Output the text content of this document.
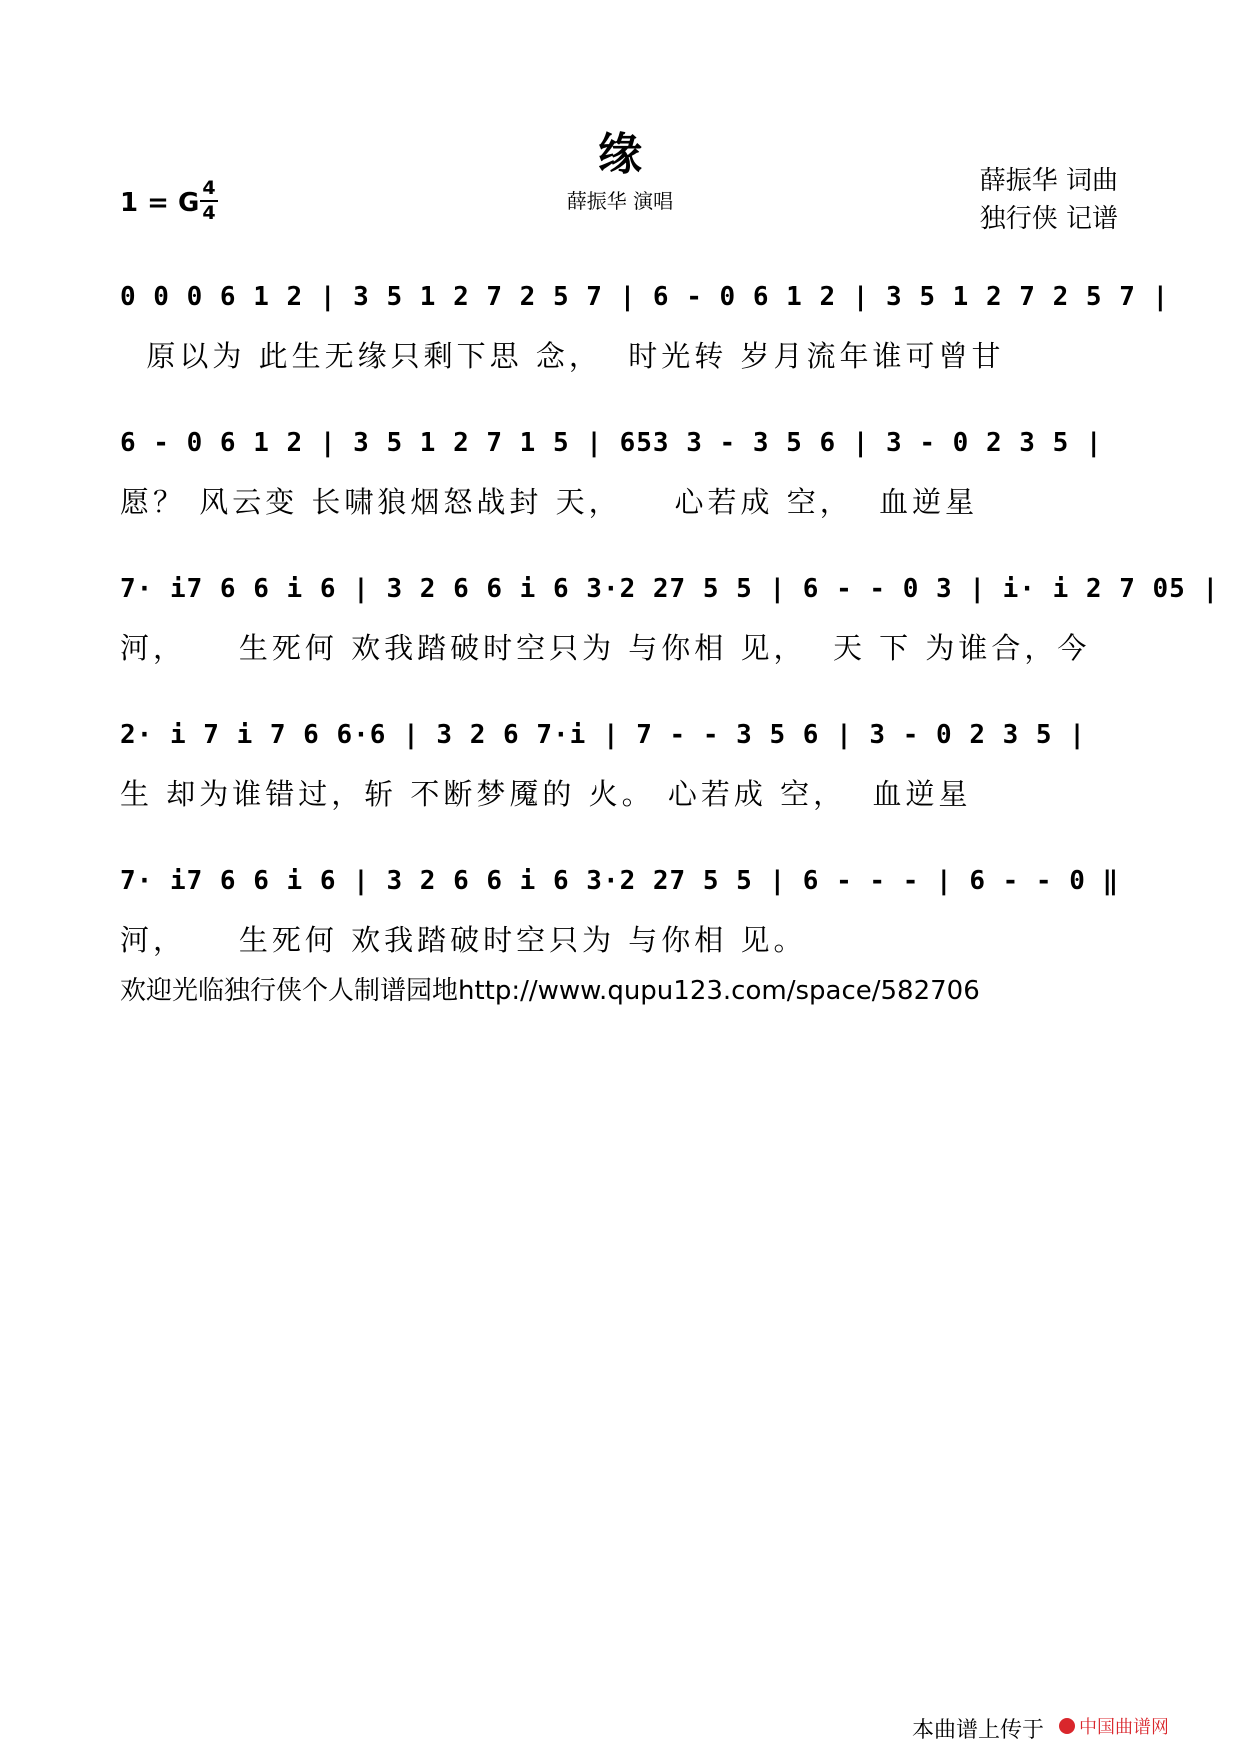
缘
薛振华 演唱
1 = G 4
4
薛振华 词曲
独行侠 记谱
0 0 0 6 1 2 | 3 5 1 2 7 2 5 7 | 6 - 0 6 1 2 | 3 5 1 2 7 2 5 7 |
原以为 此生无缘只剩下思 念，  时光转 岁月流年谁可曾甘
6 - 0 6 1 2 | 3 5 1 2 7 1 5 | 653 3 - 3 5 6 | 3 - 0 2 3 5 |
愿？ 风云变 长啸狼烟怒战封 天，    心若成 空，  血逆星
7· i7 6 6 i 6 | 3 2 6 6 i 6 3·2 27 5 5 | 6 - - 0 3 | i· i 2 7 05 |
河，    生死何 欢我踏破时空只为 与你相 见，  天 下 为谁合，今
2· i 7 i 7 6 6·6 | 3 2 6 7·i | 7 - - 3 5 6 | 3 - 0 2 3 5 |
生 却为谁错过，斩 不断梦魇的 火。 心若成 空，  血逆星
7· i7 6 6 i 6 | 3 2 6 6 i 6 3·2 27 5 5 | 6 - - - | 6 - - 0 ‖
河，    生死何 欢我踏破时空只为 与你相 见。
欢迎光临独行侠个人制谱园地http://www.qupu123.com/space/582706
本曲谱上传于 中国曲谱网
